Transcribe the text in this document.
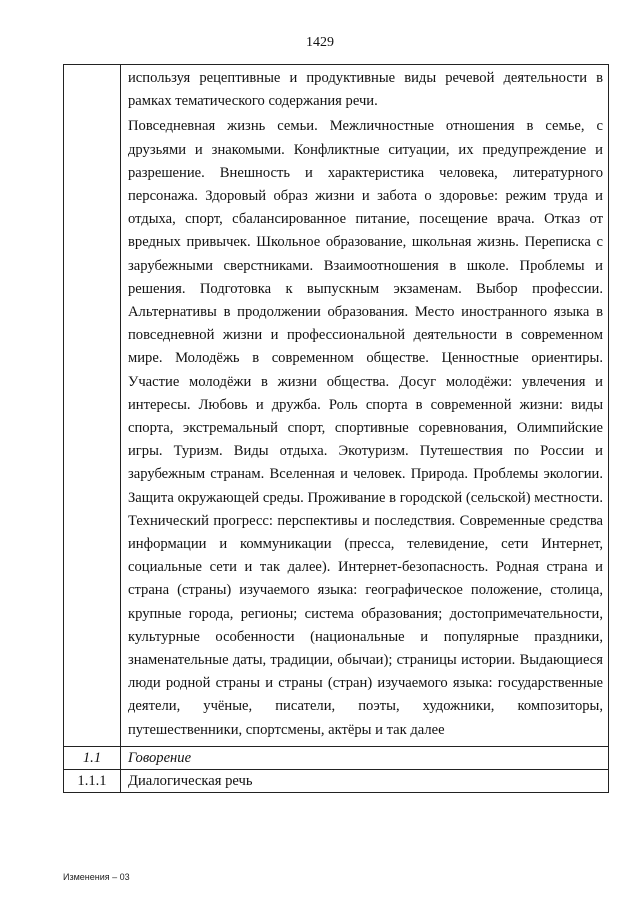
1429

	используя рецептивные и продуктивные виды речевой деятельности в рамках тематического содержания речи.
Повседневная жизнь семьи. Межличностные отношения в семье, с друзьями и знакомыми. Конфликтные ситуации, их предупреждение и разрешение. Внешность и характеристика человека, литературного персонажа. Здоровый образ жизни и забота о здоровье: режим труда и отдыха, спорт, сбалансированное питание, посещение врача. Отказ от вредных привычек. Школьное образование, школьная жизнь. Переписка с зарубежными сверстниками. Взаимоотношения в школе. Проблемы и решения. Подготовка к выпускным экзаменам. Выбор профессии. Альтернативы в продолжении образования. Место иностранного языка в повседневной жизни и профессиональной деятельности в современном мире. Молодёжь в современном обществе. Ценностные ориентиры. Участие молодёжи в жизни общества. Досуг молодёжи: увлечения и интересы. Любовь и дружба. Роль спорта в современной жизни: виды спорта, экстремальный спорт, спортивные соревнования, Олимпийские игры. Туризм. Виды отдыха. Экотуризм. Путешествия по России и зарубежным странам. Вселенная и человек. Природа. Проблемы экологии. Защита окружающей среды. Проживание в городской (сельской) местности. Технический прогресс: перспективы и последствия. Современные средства информации и коммуникации (пресса, телевидение, сети Интернет, социальные сети и так далее). Интернет-безопасность. Родная страна и страна (страны) изучаемого языка: географическое положение, столица, крупные города, регионы; система образования; достопримечательности, культурные особенности (национальные и популярные праздники, знаменательные даты, традиции, обычаи); страницы истории. Выдающиеся люди родной страны и страны (стран) изучаемого языка: государственные деятели, учёные, писатели, поэты, художники, композиторы, путешественники, спортсмены, актёры и так далее

1.1	Говорение
1.1.1	Диалогическая речь
Изменения – 03
